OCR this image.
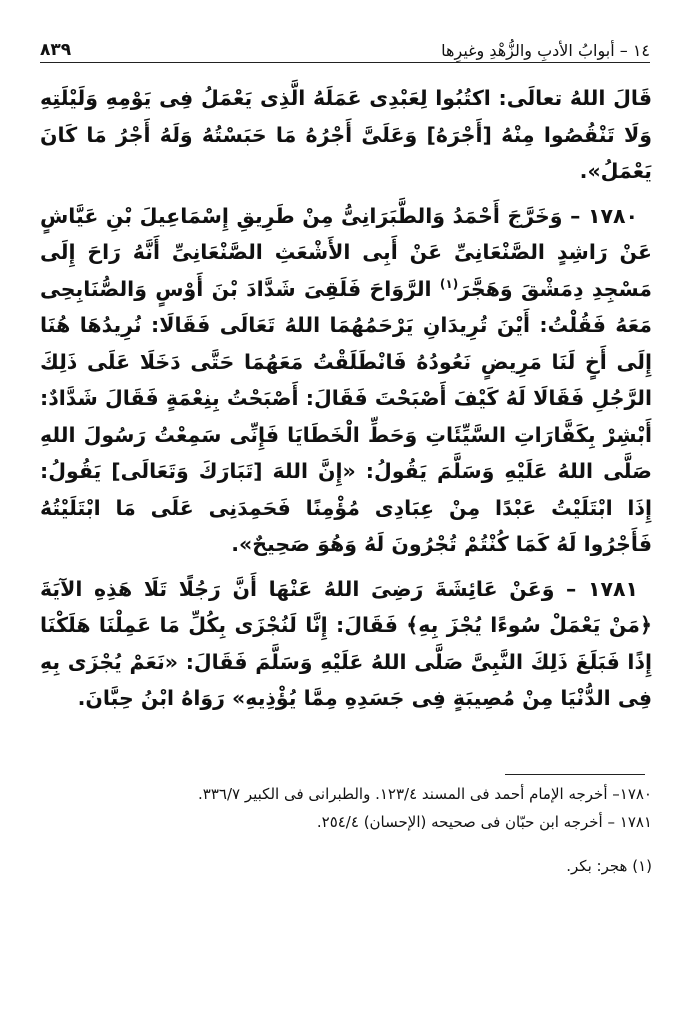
١٤ – أبوابُ الأدبِ والزُّهْدِ وغيرِها
٨٣٩

قَالَ اللهُ تعالَى: اكتُبُوا لِعَبْدِى عَمَلَهُ الَّذِى يَعْمَلُ فِى يَوْمِهِ وَلَيْلَتِهِ وَلَا تَنْقُصُوا مِنْهُ [أَجْرَهُ] وَعَلَىَّ أَجْرُهُ مَا حَبَسْتُهُ وَلَهُ أَجْرُ مَا كَانَ يَعْمَلُ».

١٧٨٠ – وَخَرَّجَ أَحْمَدُ وَالطَّبَرَانِىُّ مِنْ طَرِيقِ إِسْمَاعِيلَ بْنِ عَيَّاشٍ عَنْ رَاشِدٍ الصَّنْعَانِىِّ عَنْ أَبِى الأَشْعَثِ الصَّنْعَانِىِّ أَنَّهُ رَاحَ إِلَى مَسْجِدِ دِمَشْقَ وَهَجَّرَ$^{(١)}$ الرَّوَاحَ فَلَقِىَ شَدَّادَ بْنَ أَوْسٍ وَالصُّنَابِحِى مَعَهُ فَقُلْتُ: أَيْنَ تُرِيدَانِ يَرْحَمُهُمَا اللهُ تَعَالَى فَقَالَا: نُرِيدُهَا هُنَا إِلَى أَخٍ لَنَا مَرِيضٍ نَعُودُهُ فَانْطَلَقْتُ مَعَهُمَا حَتَّى دَخَلَا عَلَى ذَلِكَ الرَّجُلِ فَقَالَا لَهُ كَيْفَ أَصْبَحْتَ فَقَالَ: أَصْبَحْتُ بِنِعْمَةٍ فَقَالَ شَدَّادٌ: أَبْشِرْ بِكَفَّارَاتِ السَّيِّئَاتِ وَحَطِّ الْخَطَايَا فَإِنِّى سَمِعْتُ رَسُولَ اللهِ صَلَّى اللهُ عَلَيْهِ وَسَلَّمَ يَقُولُ: «إِنَّ اللهَ [تَبَارَكَ وَتَعَالَى] يَقُولُ: إِذَا ابْتَلَيْتُ عَبْدًا مِنْ عِبَادِى مُؤْمِنًا فَحَمِدَنِى عَلَى مَا ابْتَلَيْتُهُ فَأَجْرُوا لَهُ كَمَا كُنْتُمْ تُجْرُونَ لَهُ وَهُوَ صَحِيحٌ».

١٧٨١ – وَعَنْ عَائِشَةَ رَضِىَ اللهُ عَنْهَا أَنَّ رَجُلًا تَلَا هَذِهِ الآيَةَ ﴿مَنْ يَعْمَلْ سُوءًا يُجْزَ بِهِ﴾ فَقَالَ: إِنَّا لَنُجْزَى بِكُلِّ مَا عَمِلْنَا هَلَكْنَا إِذًا فَبَلَغَ ذَلِكَ النَّبِىَّ صَلَّى اللهُ عَلَيْهِ وَسَلَّمَ فَقَالَ: «نَعَمْ يُجْزَى بِهِ فِى الدُّنْيَا مِنْ مُصِيبَةٍ فِى جَسَدِهِ مِمَّا يُؤْذِيهِ» رَوَاهُ ابْنُ حِبَّانَ.

١٧٨٠– أخرجه الإمام أحمد فى المسند ١٢٣/٤. والطبرانى فى الكبير ٣٣٦/٧.

١٧٨١ – أخرجه ابن حبّان فى صحيحه (الإحسان) ٢٥٤/٤.

(١) هجر: بكر.
